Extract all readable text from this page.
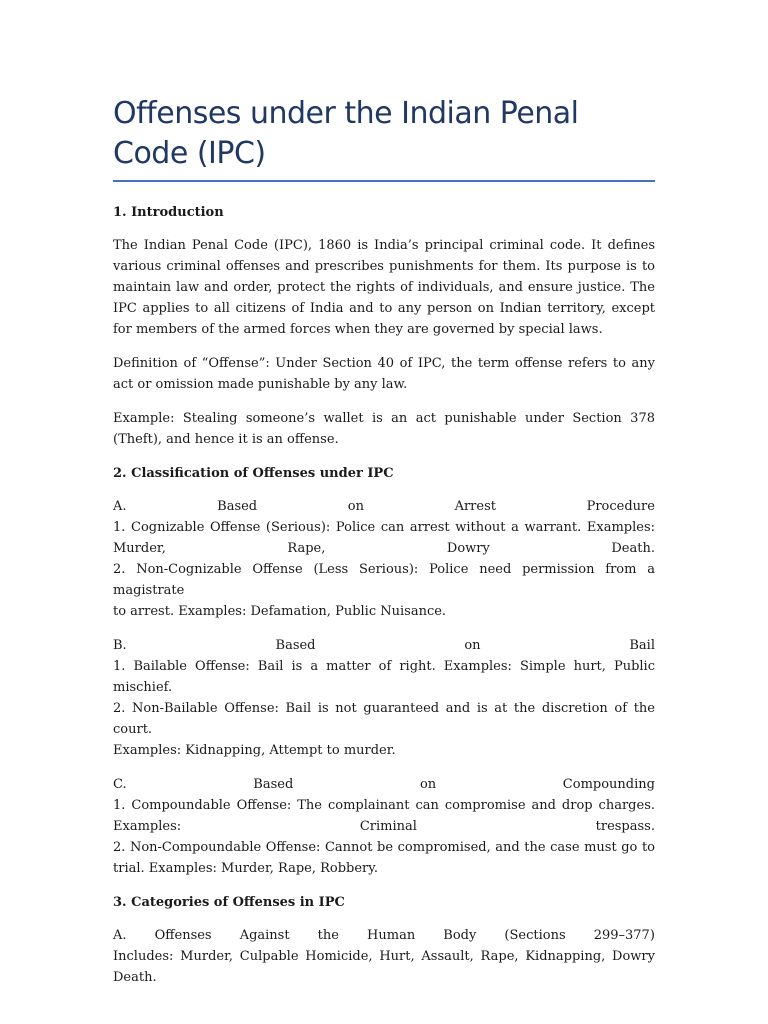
Offenses under the Indian Penal Code (IPC)
1. Introduction

The Indian Penal Code (IPC), 1860 is India’s principal criminal code. It defines various criminal offenses and prescribes punishments for them. Its purpose is to maintain law and order, protect the rights of individuals, and ensure justice. The IPC applies to all citizens of India and to any person on Indian territory, except for members of the armed forces when they are governed by special laws.

Definition of “Offense”: Under Section 40 of IPC, the term offense refers to any act or omission made punishable by any law.

Example: Stealing someone’s wallet is an act punishable under Section 378 (Theft), and hence it is an offense.

2. Classification of Offenses under IPC
A.	Based	on	Arrest	Procedure
1. Cognizable Offense (Serious): Police can arrest without a warrant. Examples:
Murder,	Rape,	Dowry	Death.
2. Non-Cognizable Offense (Less Serious): Police need permission from a magistrate
to arrest. Examples: Defamation, Public Nuisance.
B.	Based	on	Bail
1. Bailable Offense: Bail is a matter of right. Examples: Simple hurt, Public mischief.
2. Non-Bailable Offense: Bail is not guaranteed and is at the discretion of the court.
Examples: Kidnapping, Attempt to murder.
C.	Based	on	Compounding
1. Compoundable Offense: The complainant can compromise and drop charges.
Examples:	Criminal	trespass.
2. Non-Compoundable Offense: Cannot be compromised, and the case must go to
trial. Examples: Murder, Rape, Robbery.
3. Categories of Offenses in IPC
A. Offenses Against the Human Body (Sections 299–377)
Includes: Murder, Culpable Homicide, Hurt, Assault, Rape, Kidnapping, Dowry
Death.
